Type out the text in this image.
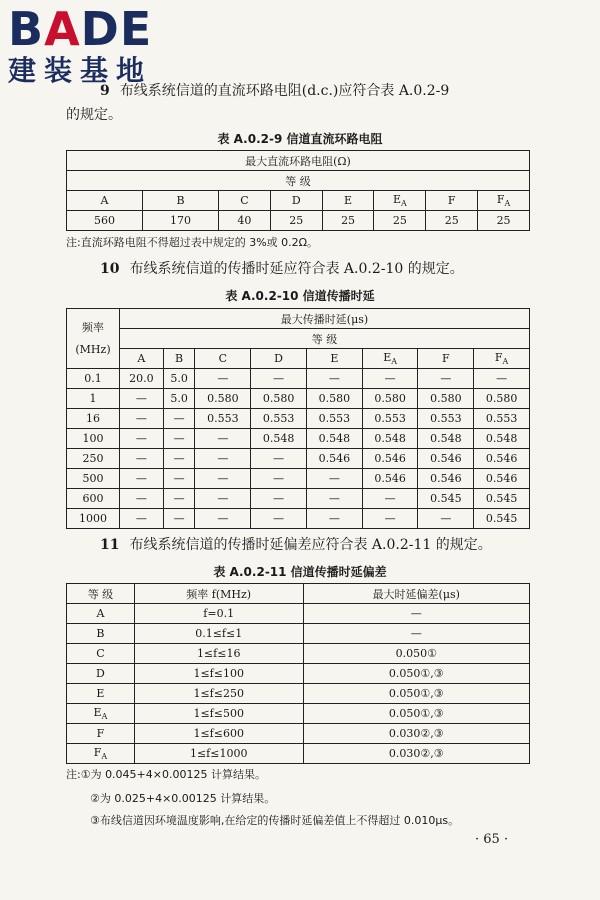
BADE
建装基地
9 布线系统信道的直流环路电阻(d.c.)应符合表 A.0.2-9
的规定。
表 A.0.2-9 信道直流环路电阻
最大直流环路电阻(Ω)							
等 级							
A	B	C	D	E	$E_A$	F	$F_A$
560	170	40	25	25	25	25	25
注:直流环路电阻不得超过表中规定的 3%或 0.2Ω。
10 布线系统信道的传播时延应符合表 A.0.2-10 的规定。
表 A.0.2-10 信道传播时延
频率
(MHz)	最大传播时延(μs)							
	等 级							
	A	B	C	D	E	$E_A$	F	$F_A$
0.1	20.0	5.0	—	—	—	—	—	—
1	—	5.0	0.580	0.580	0.580	0.580	0.580	0.580
16	—	—	0.553	0.553	0.553	0.553	0.553	0.553
100	—	—	—	0.548	0.548	0.548	0.548	0.548
250	—	—	—	—	0.546	0.546	0.546	0.546
500	—	—	—	—	—	0.546	0.546	0.546
600	—	—	—	—	—	—	0.545	0.545
1000	—	—	—	—	—	—	—	0.545
11 布线系统信道的传播时延偏差应符合表 A.0.2-11 的规定。
表 A.0.2-11 信道传播时延偏差
等 级	频率 f(MHz)	最大时延偏差(μs)
A	f=0.1	—
B	0.1≤f≤1	—
C	1≤f≤16	0.050①
D	1≤f≤100	0.050①,③
E	1≤f≤250	0.050①,③
$E_A$	1≤f≤500	0.050①,③
F	1≤f≤600	0.030②,③
$F_A$	1≤f≤1000	0.030②,③
注:①为 0.045+4×0.00125 计算结果。
②为 0.025+4×0.00125 计算结果。
③布线信道因环境温度影响,在给定的传播时延偏差值上不得超过 0.010μs。
· 65 ·
